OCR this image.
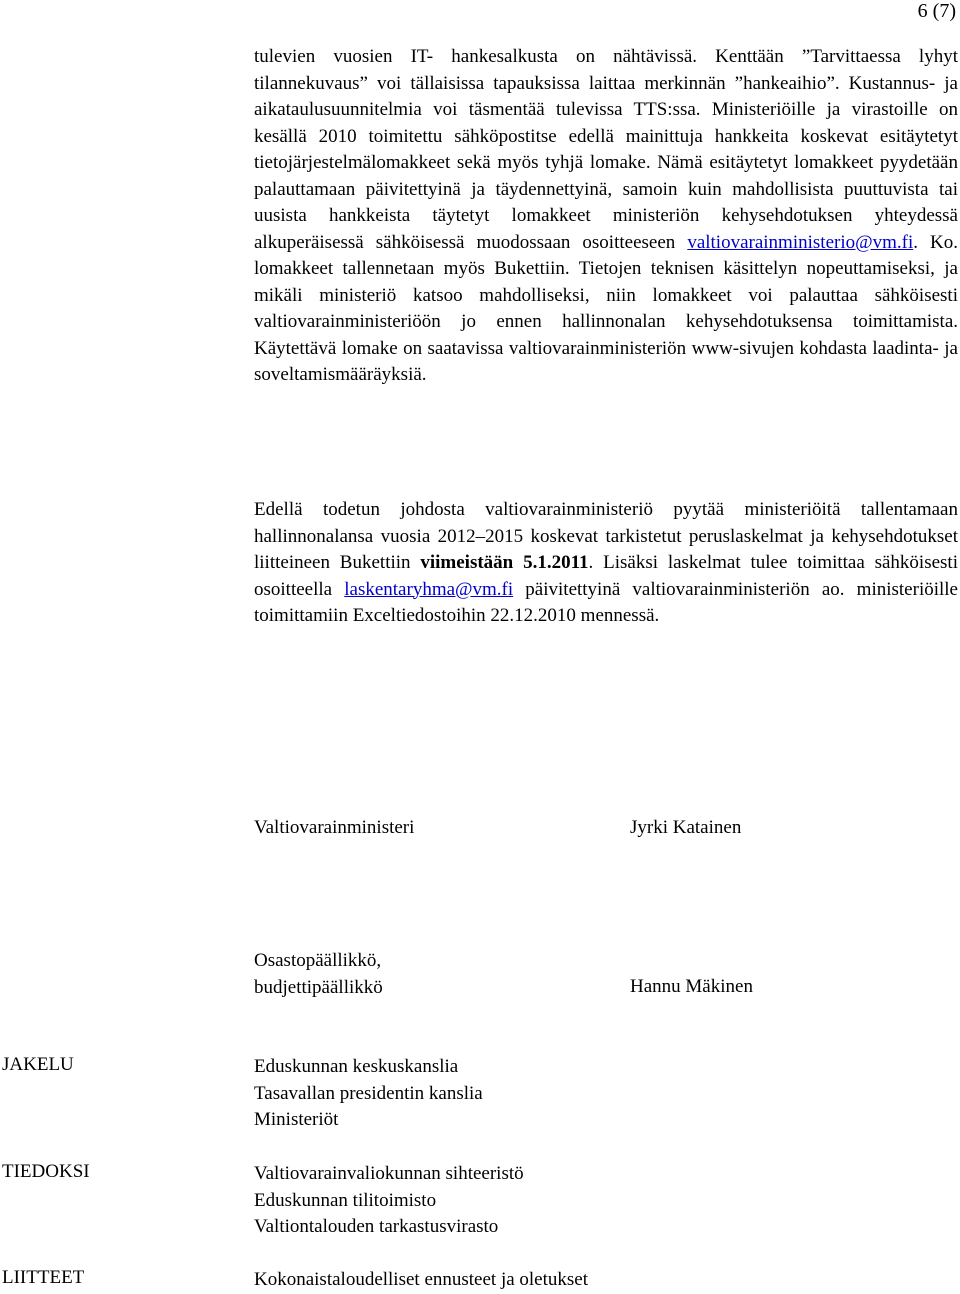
6 (7)
tulevien vuosien IT- hankesalkusta on nähtävissä. Kenttään ”Tarvittaessa lyhyt tilannekuvaus” voi tällaisissa tapauksissa laittaa merkinnän ”hankeaihio”. Kustannus- ja aikataulusuunnitelmia voi täsmentää tulevissa TTS:ssa. Ministeriöille ja virastoille on kesällä 2010 toimitettu sähköpostitse edellä mainittuja hankkeita koskevat esitäytetyt tietojärjestelmälomakkeet sekä myös tyhjä lomake. Nämä esitäytetyt lomakkeet pyydetään palauttamaan päivitettyinä ja täydennettyinä, samoin kuin mahdollisista puuttuvista tai uusista hankkeista täytetyt lomakkeet ministeriön kehysehdotuksen yhteydessä alkuperäisessä sähköisessä muodossaan osoitteeseen valtiovarainministerio@vm.fi. Ko. lomakkeet tallennetaan myös Bukettiin. Tietojen teknisen käsittelyn nopeuttamiseksi, ja mikäli ministeriö katsoo mahdolliseksi, niin lomakkeet voi palauttaa sähköisesti valtiovarainministeriöön jo ennen hallinnonalan kehysehdotuksensa toimittamista. Käytettävä lomake on saatavissa valtiovarainministeriön www-sivujen kohdasta laadinta- ja soveltamismääräyksiä.
Edellä todetun johdosta valtiovarainministeriö pyytää ministeriöitä tallentamaan hallinnonalansa vuosia 2012–2015 koskevat tarkistetut peruslaskelmat ja kehysehdotukset liitteineen Bukettiin viimeistään 5.1.2011. Lisäksi laskelmat tulee toimittaa sähköisesti osoitteella laskentaryhma@vm.fi päivitettyinä valtiovarainministeriön ao. ministeriöille toimittamiin Exceltiedostoihin 22.12.2010 mennessä.
Valtiovarainministeri	Jyrki Katainen
Osastopäällikkö,
budjettipäällikkö	Hannu Mäkinen
JAKELU	Eduskunnan keskuskanslia
Tasavallan presidentin kanslia
Ministeriöt
TIEDOKSI	Valtiovarainvaliokunnan sihteeristö
Eduskunnan tilitoimisto
Valtiontalouden tarkastusvirasto
LIITTEET	Kokonaistaloudelliset ennusteet ja oletukset
